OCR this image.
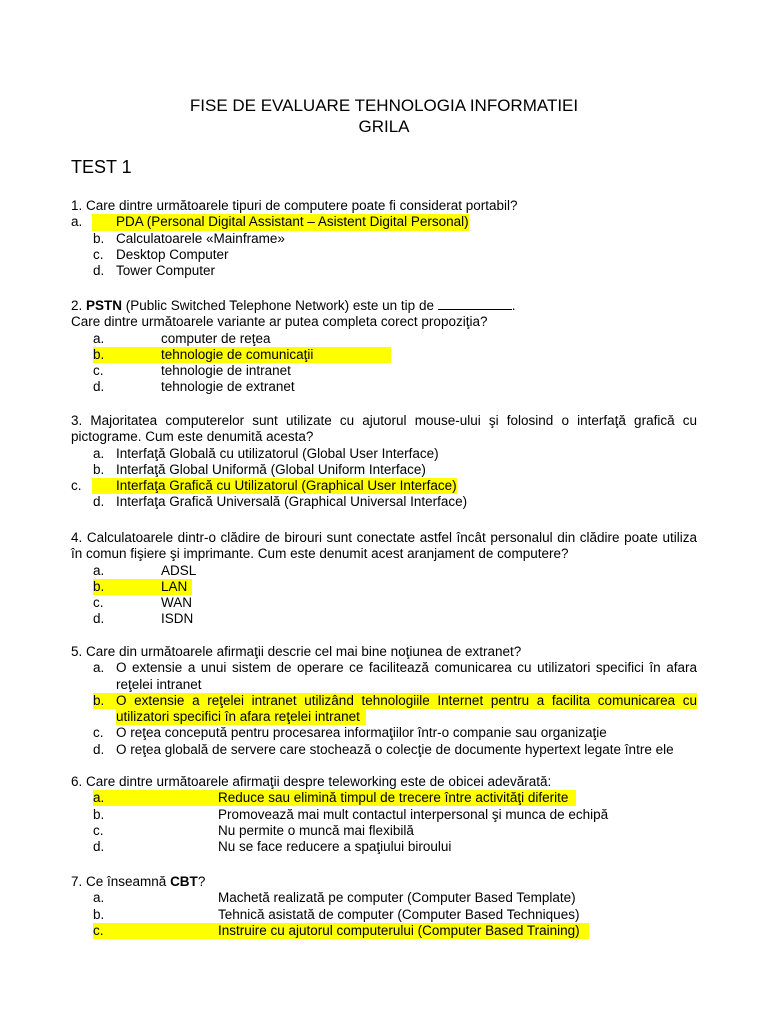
FISE DE EVALUARE TEHNOLOGIA INFORMATIEI
GRILA
TEST 1

1. Care dintre următoarele tipuri de computere poate fi considerat portabil?

a. PDA (Personal Digital Assistant – Asistent Digital Personal)
b. Calculatoarele «Mainframe»
c. Desktop Computer
d. Tower Computer

2. PSTN (Public Switched Telephone Network) este un tip de	.

Care dintre următoarele variante ar putea completa corect propoziţia?

a.	computer de reţea
b.	tehnologie de comunicaţii
c.	tehnologie de intranet
d.	tehnologie de extranet

3. Majoritatea computerelor sunt utilizate cu ajutorul mouse-ului şi folosind o interfaţă grafică cu pictograme. Cum este denumită acesta?

a. Interfaţă Globală cu utilizatorul (Global User Interface)
b. Interfaţă Global Uniformă (Global Uniform Interface)
c.	Interfaţa Grafică cu Utilizatorul (Graphical User Interface)
d. Interfaţa Grafică Universală (Graphical Universal Interface)

4. Calculatoarele dintr-o clădire de birouri sunt conectate astfel încât personalul din clădire poate utiliza în comun fişiere şi imprimante. Cum este denumit acest aranjament de computere?

a.	ADSL
b.	LAN
c.	WAN
d.	ISDN

5. Care din următoarele afirmaţii descrie cel mai bine noţiunea de extranet?

a. O extensie a unui sistem de operare ce facilitează comunicarea cu utilizatori specifici în afara reţelei intranet
b. O extensie a reţelei intranet utilizând tehnologiile Internet pentru a facilita comunicarea cu utilizatori specifici în afara reţelei intranet
c. O reţea concepută pentru procesarea informaţiilor într-o companie sau organizaţie
d. O reţea globală de servere care stochează o colecţie de documente hypertext legate între ele

6. Care dintre următoarele afirmaţii despre teleworking este de obicei adevărată:

a.	Reduce sau elimină timpul de trecere între activităţi diferite
b.	Promovează mai mult contactul interpersonal şi munca de echipă
c.	Nu permite o muncă mai flexibilă
d.	Nu se face reducere a spaţiului biroului

7. Ce înseamnă CBT?

a.	Machetă realizată pe computer (Computer Based Template)
b.	Tehnică asistată de computer (Computer Based Techniques)
c.	Instruire cu ajutorul computerului (Computer Based Training)
